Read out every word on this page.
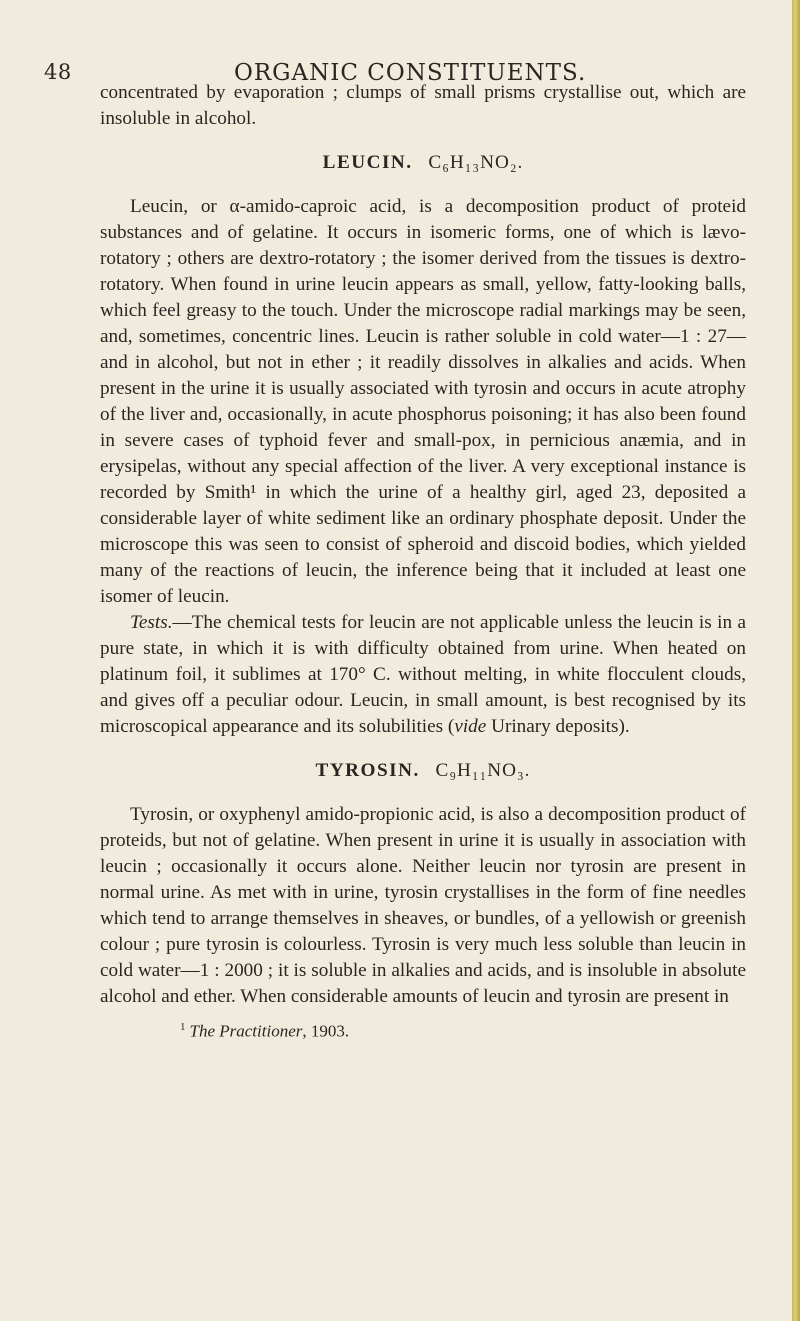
48	ORGANIC CONSTITUENTS.

concentrated by evaporation ; clumps of small prisms crystallise out, which are insoluble in alcohol.

LEUCIN. C₆H₁₃NO₂.

Leucin, or α-amido-caproic acid, is a decomposition product of proteid substances and of gelatine. It occurs in isomeric forms, one of which is lævo-rotatory ; others are dextro-rotatory ; the isomer derived from the tissues is dextro-rotatory. When found in urine leucin appears as small, yellow, fatty-looking balls, which feel greasy to the touch. Under the microscope radial markings may be seen, and, sometimes, concentric lines. Leucin is rather soluble in cold water—1 : 27—and in alcohol, but not in ether ; it readily dissolves in alkalies and acids. When present in the urine it is usually associated with tyrosin and occurs in acute atrophy of the liver and, occasionally, in acute phosphorus poisoning; it has also been found in severe cases of typhoid fever and small-pox, in pernicious anæmia, and in erysipelas, without any special affection of the liver. A very exceptional instance is recorded by Smith¹ in which the urine of a healthy girl, aged 23, deposited a considerable layer of white sediment like an ordinary phosphate deposit. Under the microscope this was seen to consist of spheroid and discoid bodies, which yielded many of the reactions of leucin, the inference being that it included at least one isomer of leucin.

Tests.—The chemical tests for leucin are not applicable unless the leucin is in a pure state, in which it is with difficulty obtained from urine. When heated on platinum foil, it sublimes at 170° C. without melting, in white flocculent clouds, and gives off a peculiar odour. Leucin, in small amount, is best recognised by its microscopical appearance and its solubilities (vide Urinary deposits).

TYROSIN. C₉H₁₁NO₃.

Tyrosin, or oxyphenyl amido-propionic acid, is also a decomposition product of proteids, but not of gelatine. When present in urine it is usually in association with leucin ; occasionally it occurs alone. Neither leucin nor tyrosin are present in normal urine. As met with in urine, tyrosin crystallises in the form of fine needles which tend to arrange themselves in sheaves, or bundles, of a yellowish or greenish colour ; pure tyrosin is colourless. Tyrosin is very much less soluble than leucin in cold water—1 : 2000 ; it is soluble in alkalies and acids, and is insoluble in absolute alcohol and ether. When considerable amounts of leucin and tyrosin are present in

$^1$ The Practitioner, 1903.
